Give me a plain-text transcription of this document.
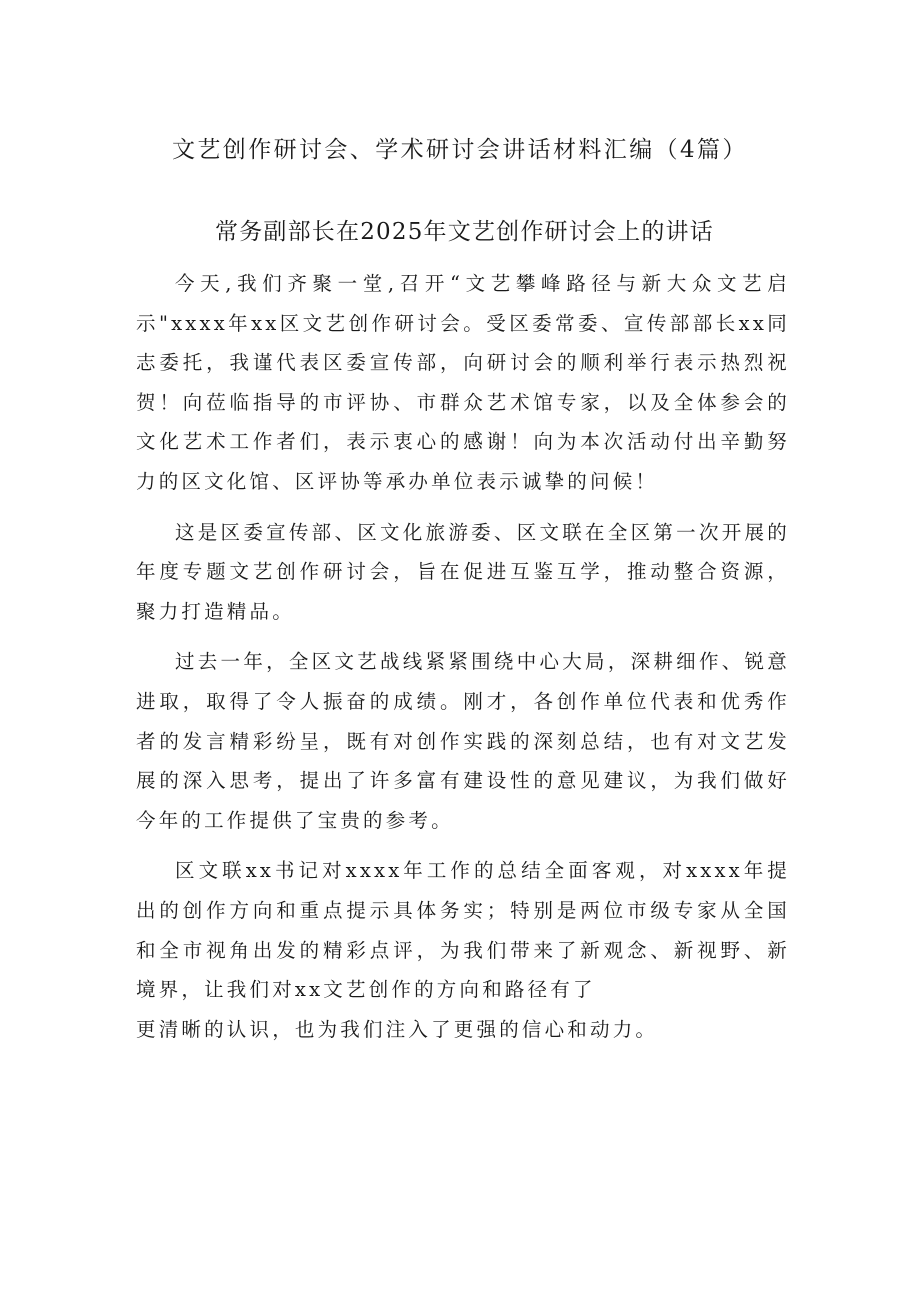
文艺创作研讨会、学术研讨会讲话材料汇编（4篇）
常务副部长在2025年文艺创作研讨会上的讲话

今天,我们齐聚一堂,召开“文艺攀峰路径与新大众文艺启示"xxxx年xx区文艺创作研讨会。受区委常委、宣传部部长xx同志委托，我谨代表区委宣传部，向研讨会的顺利举行表示热烈祝贺！向莅临指导的市评协、市群众艺术馆专家，以及全体参会的文化艺术工作者们，表示衷心的感谢！向为本次活动付出辛勤努力的区文化馆、区评协等承办单位表示诚挚的问候！

这是区委宣传部、区文化旅游委、区文联在全区第一次开展的年度专题文艺创作研讨会，旨在促进互鉴互学，推动整合资源，聚力打造精品。

过去一年，全区文艺战线紧紧围绕中心大局，深耕细作、锐意进取，取得了令人振奋的成绩。刚才，各创作单位代表和优秀作者的发言精彩纷呈，既有对创作实践的深刻总结，也有对文艺发展的深入思考，提出了许多富有建设性的意见建议，为我们做好今年的工作提供了宝贵的参考。

区文联xx书记对xxxx年工作的总结全面客观，对xxxx年提出的创作方向和重点提示具体务实；特别是两位市级专家从全国和全市视角出发的精彩点评，为我们带来了新观念、新视野、新境界，让我们对xx文艺创作的方向和路径有了

更清晰的认识，也为我们注入了更强的信心和动力。
